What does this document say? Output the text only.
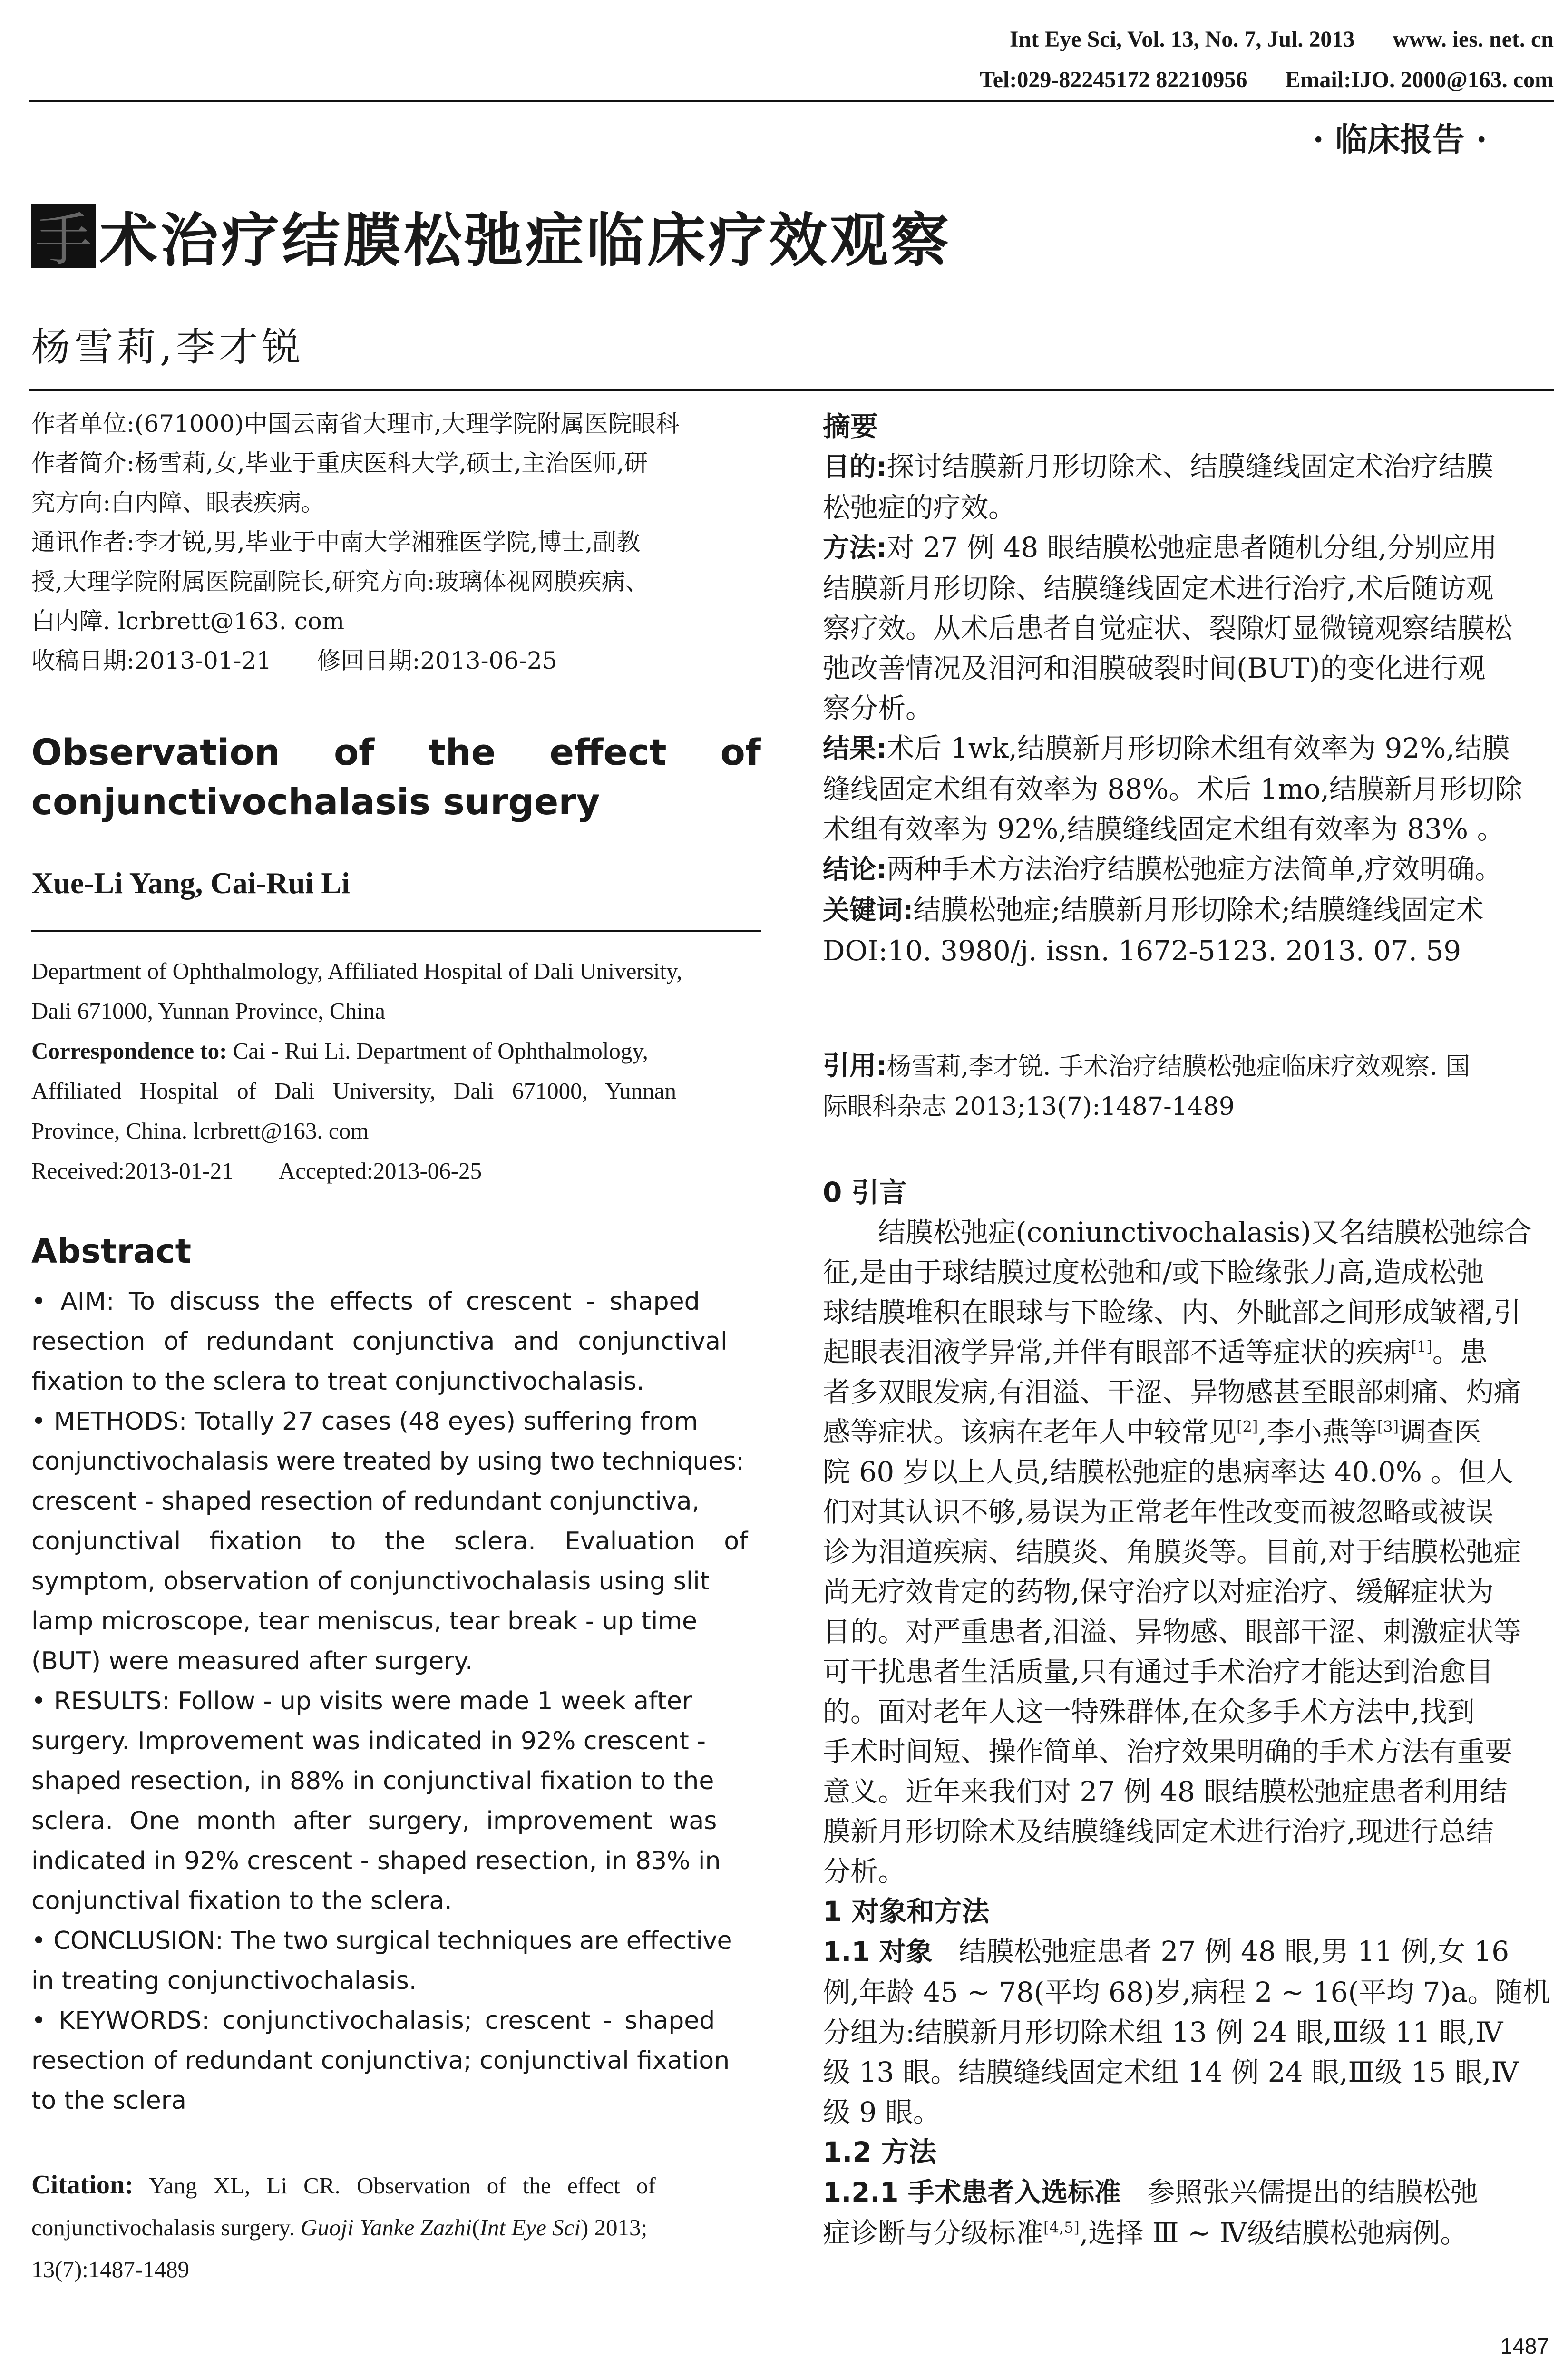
Int Eye Sci, Vol. 13, No. 7, Jul. 2013 www. ies. net. cn
Tel:029-82245172 82210956 Email:IJO. 2000@163. com
· 临床报告 ·
手 术治疗结膜松弛症临床疗效观察
杨雪莉,李才锐

作者单位:(671000)中国云南省大理市,大理学院附属医院眼科

作者简介:杨雪莉,女,毕业于重庆医科大学,硕士,主治医师,研

究方向:白内障、眼表疾病。

通讯作者:李才锐,男,毕业于中南大学湘雅医学院,博士,副教

授,大理学院附属医院副院长,研究方向:玻璃体视网膜疾病、

白内障. lcrbrett@163. com

收稿日期:2013-01-21      修回日期:2013-06-25

Observation of the effect of
conjunctivochalasis surgery
Xue-Li Yang, Cai-Rui Li

Department of Ophthalmology, Affiliated Hospital of Dali University,

Dali 671000, Yunnan Province, China

Correspondence to: Cai - Rui Li. Department of Ophthalmology,

Affiliated Hospital of Dali University, Dali 671000, Yunnan

Province, China. lcrbrett@163. com

Received:2013-01-21        Accepted:2013-06-25

Abstract

• AIM: To discuss the effects of crescent - shaped

resection of redundant conjunctiva and conjunctival

fixation to the sclera to treat conjunctivochalasis.

• METHODS: Totally 27 cases (48 eyes) suffering from

conjunctivochalasis were treated by using two techniques:

crescent - shaped resection of redundant conjunctiva,

conjunctival fixation to the sclera. Evaluation of

symptom, observation of conjunctivochalasis using slit

lamp microscope, tear meniscus, tear break - up time

(BUT) were measured after surgery.

• RESULTS: Follow - up visits were made 1 week after

surgery. Improvement was indicated in 92% crescent -

shaped resection, in 88% in conjunctival fixation to the

sclera. One month after surgery, improvement was

indicated in 92% crescent - shaped resection, in 83% in

conjunctival fixation to the sclera.

• CONCLUSION: The two surgical techniques are effective

in treating conjunctivochalasis.

• KEYWORDS: conjunctivochalasis; crescent - shaped

resection of redundant conjunctiva; conjunctival fixation

to the sclera

Citation: Yang XL, Li CR. Observation of the effect of

conjunctivochalasis surgery. Guoji Yanke Zazhi(Int Eye Sci) 2013;

13(7):1487-1489

摘要

目的:探讨结膜新月形切除术、结膜缝线固定术治疗结膜

松弛症的疗效。

方法:对 27 例 48 眼结膜松弛症患者随机分组,分别应用

结膜新月形切除、结膜缝线固定术进行治疗,术后随访观

察疗效。从术后患者自觉症状、裂隙灯显微镜观察结膜松

弛改善情况及泪河和泪膜破裂时间(BUT)的变化进行观

察分析。

结果:术后 1wk,结膜新月形切除术组有效率为 92%,结膜

缝线固定术组有效率为 88%。术后 1mo,结膜新月形切除

术组有效率为 92%,结膜缝线固定术组有效率为 83% 。

结论:两种手术方法治疗结膜松弛症方法简单,疗效明确。

关键词:结膜松弛症;结膜新月形切除术;结膜缝线固定术

DOI:10. 3980/j. issn. 1672-5123. 2013. 07. 59

引用:杨雪莉,李才锐. 手术治疗结膜松弛症临床疗效观察. 国

际眼科杂志 2013;13(7):1487-1489

0 引言

结膜松弛症(coniunctivochalasis)又名结膜松弛综合

征,是由于球结膜过度松弛和/或下睑缘张力高,造成松弛

球结膜堆积在眼球与下睑缘、内、外眦部之间形成皱褶,引

起眼表泪液学异常,并伴有眼部不适等症状的疾病[1]。患

者多双眼发病,有泪溢、干涩、异物感甚至眼部刺痛、灼痛

感等症状。该病在老年人中较常见[2],李小燕等[3]调查医

院 60 岁以上人员,结膜松弛症的患病率达 40.0% 。但人

们对其认识不够,易误为正常老年性改变而被忽略或被误

诊为泪道疾病、结膜炎、角膜炎等。目前,对于结膜松弛症

尚无疗效肯定的药物,保守治疗以对症治疗、缓解症状为

目的。对严重患者,泪溢、异物感、眼部干涩、刺激症状等

可干扰患者生活质量,只有通过手术治疗才能达到治愈目

的。面对老年人这一特殊群体,在众多手术方法中,找到

手术时间短、操作简单、治疗效果明确的手术方法有重要

意义。近年来我们对 27 例 48 眼结膜松弛症患者利用结

膜新月形切除术及结膜缝线固定术进行治疗,现进行总结

分析。

1 对象和方法

1.1 对象   结膜松弛症患者 27 例 48 眼,男 11 例,女 16

例,年龄 45 ~ 78(平均 68)岁,病程 2 ~ 16(平均 7)a。随机

分组为:结膜新月形切除术组 13 例 24 眼,Ⅲ级 11 眼,Ⅳ

级 13 眼。结膜缝线固定术组 14 例 24 眼,Ⅲ级 15 眼,Ⅳ

级 9 眼。

1.2 方法

1.2.1 手术患者入选标准   参照张兴儒提出的结膜松弛

症诊断与分级标准[4,5],选择 Ⅲ ~ Ⅳ级结膜松弛病例。

1487
